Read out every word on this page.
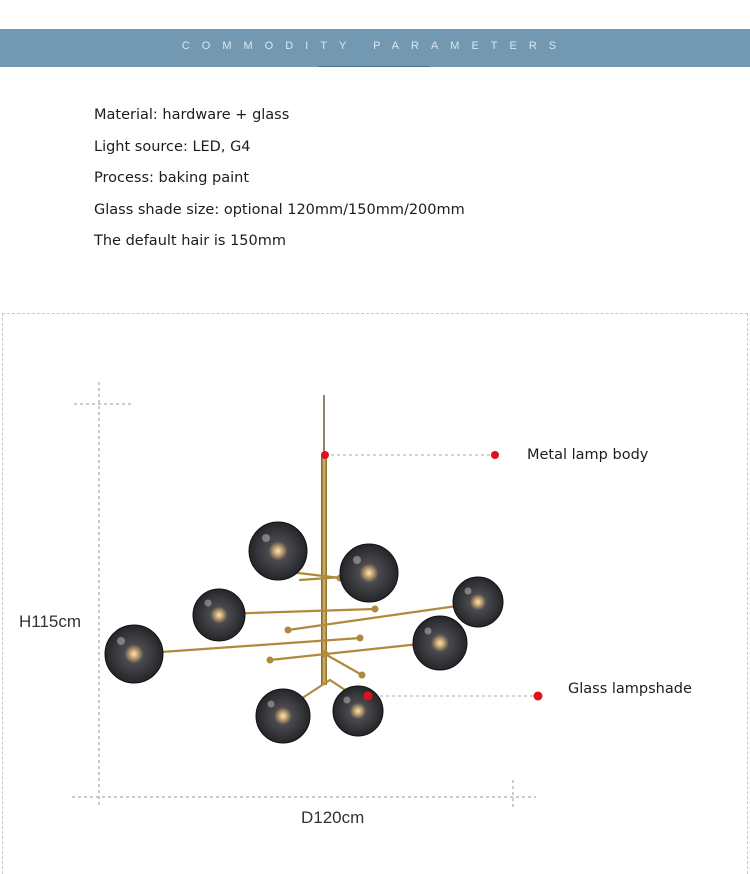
COMMODITY PARAMETERS
Material: hardware + glass
Light source: LED, G4
Process: baking paint
Glass shade size: optional 120mm/150mm/200mm
The default hair is 150mm
Metal lamp body
Glass lampshade
H115cm
D120cm
